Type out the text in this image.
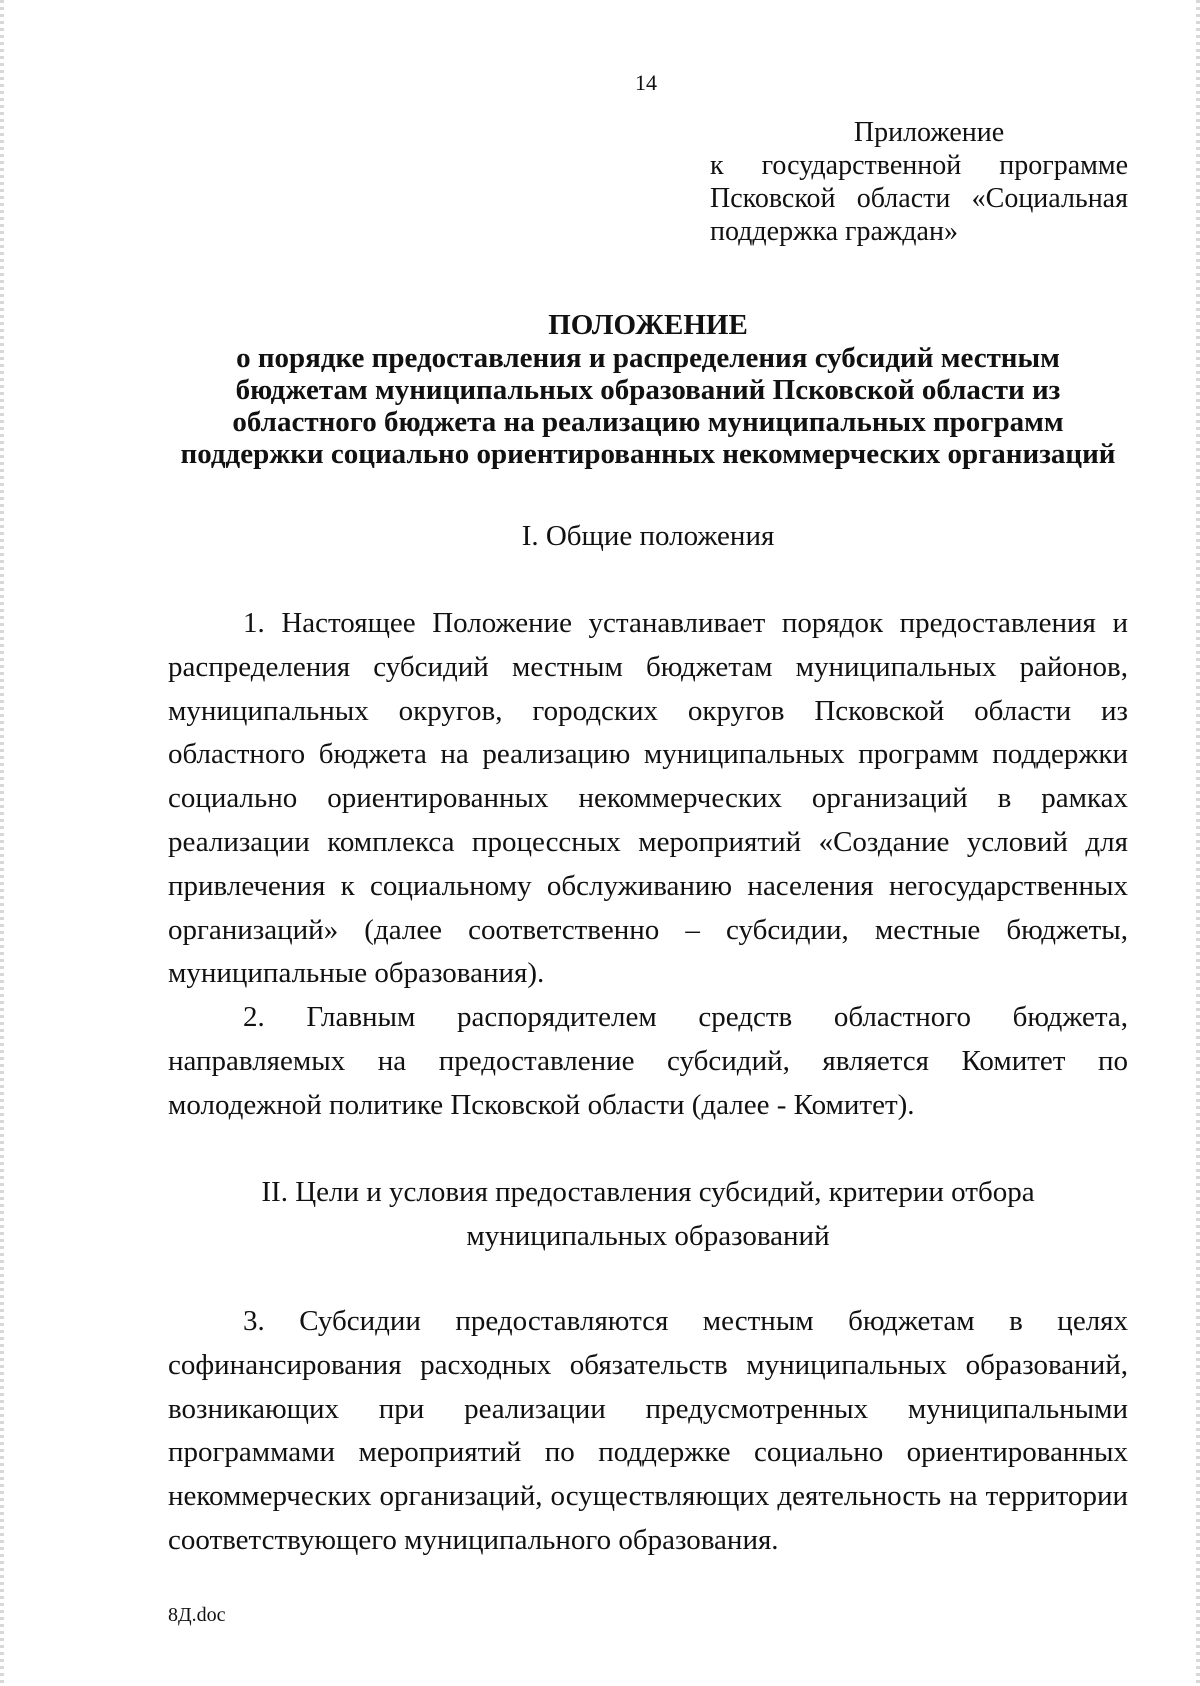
14
Приложение
к государственной программе
Псковской области «Социальная
поддержка граждан»
ПОЛОЖЕНИЕ
о порядке предоставления и распределения субсидий местным бюджетам муниципальных образований Псковской области из областного бюджета на реализацию муниципальных программ поддержки социально ориентированных некоммерческих организаций
I. Общие положения

1. Настоящее Положение устанавливает порядок предоставления и распределения субсидий местным бюджетам муниципальных районов, муниципальных округов, городских округов Псковской области из областного бюджета на реализацию муниципальных программ поддержки социально ориентированных некоммерческих организаций в рамках реализации комплекса процессных мероприятий «Создание условий для привлечения к социальному обслуживанию населения негосударственных организаций» (далее соответственно – субсидии, местные бюджеты, муниципальные образования).

2. Главным распорядителем средств областного бюджета, направляемых на предоставление субсидий, является Комитет по молодежной политике Псковской области (далее - Комитет).

II. Цели и условия предоставления субсидий, критерии отбора муниципальных образований

3. Субсидии предоставляются местным бюджетам в целях софинансирования расходных обязательств муниципальных образований, возникающих при реализации предусмотренных муниципальными программами мероприятий по поддержке социально ориентированных некоммерческих организаций, осуществляющих деятельность на территории соответствующего муниципального образования.

8Д.doc
